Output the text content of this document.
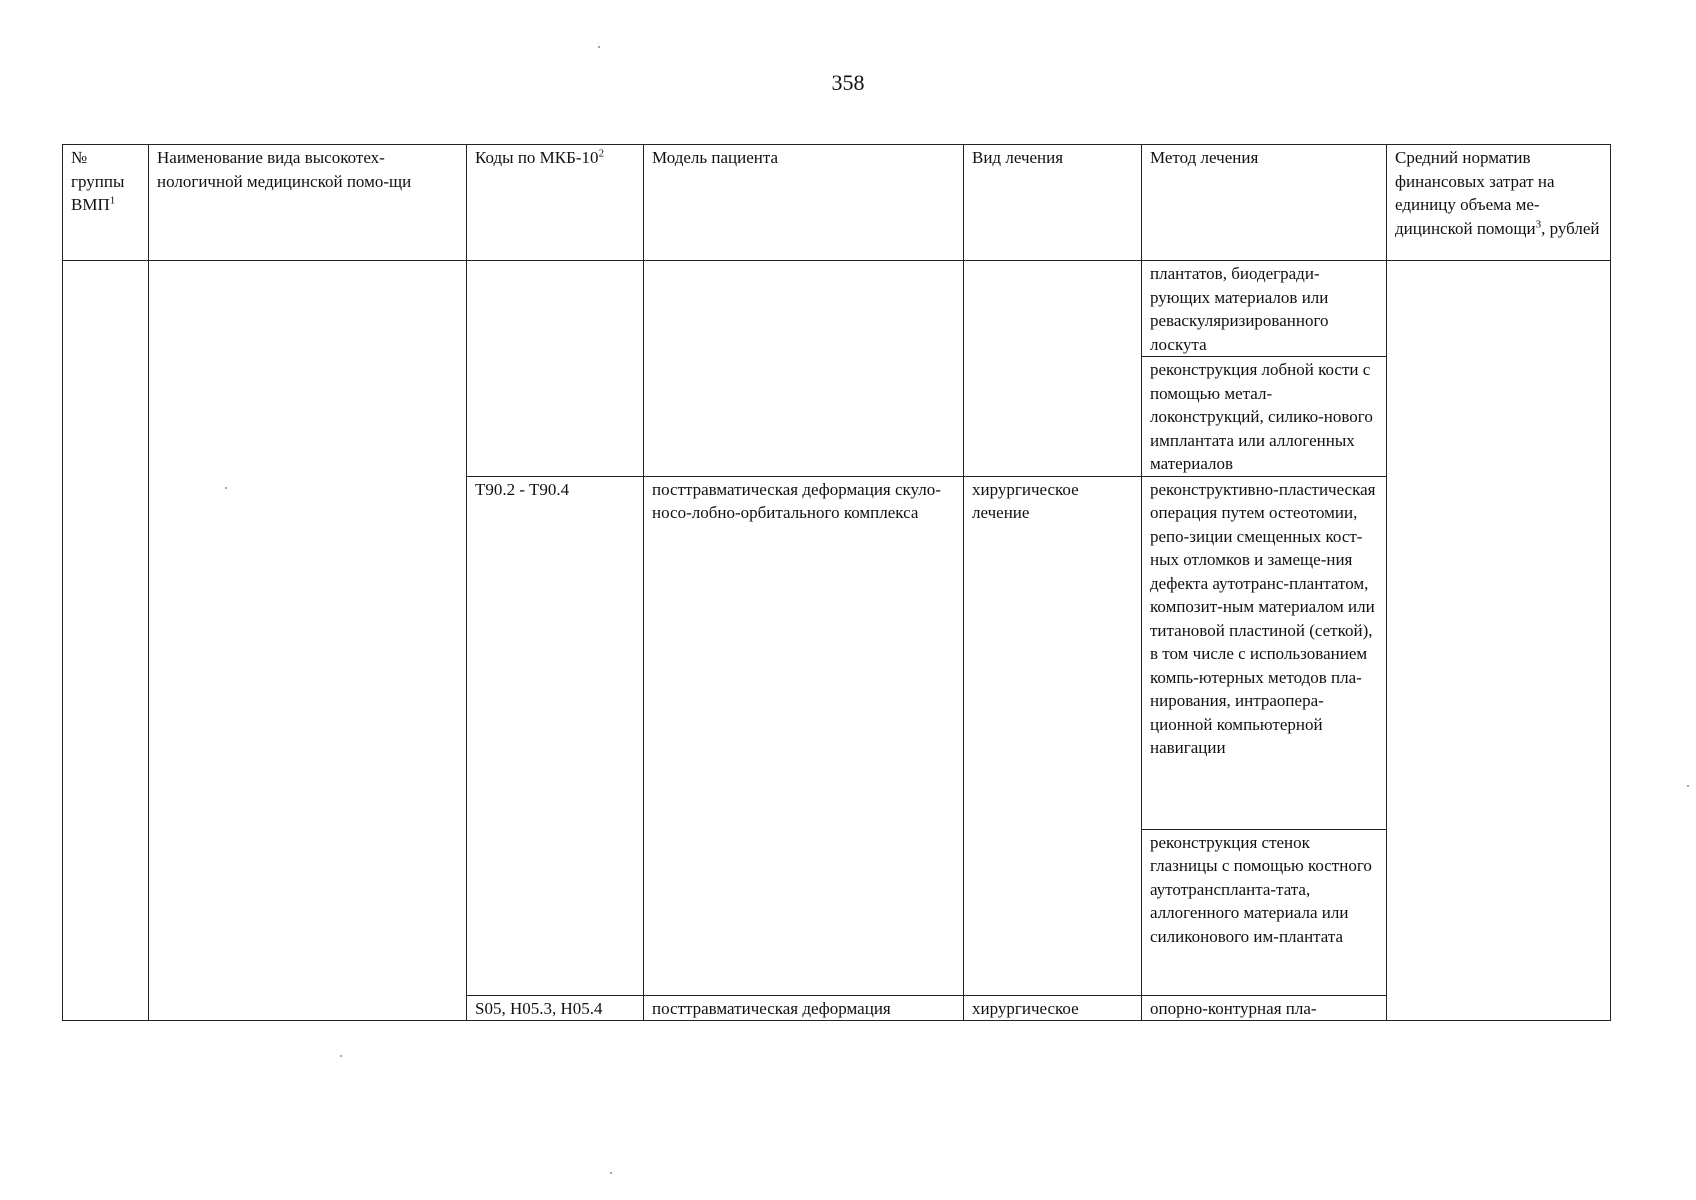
358
№ группы ВМП$^1$	Наименование вида высокотех-нологичной медицинской помо-щи	Коды по МКБ-$10^2$	Модель пациента	Вид лечения	Метод лечения	Средний норматив финансовых затрат на единицу объема ме-дицинской помощи$^3$, рублей
					плантатов, биодегради-рующих материалов или реваскуляризированного лоскута	
					реконструкция лобной кости с помощью метал-локонструкций, силико-нового имплантата или аллогенных материалов	
		T90.2 - T90.4	посттравматическая деформация скуло-носо-лобно-орбитального комплекса	хирургическое лечение	реконструктивно-пластическая операция путем остеотомии, репо-зиции смещенных кост-ных отломков и замеще-ния дефекта аутотранс-плантатом, композит-ным материалом или титановой пластиной (сеткой), в том числе с использованием компь-ютерных методов пла-нирования, интраопера-ционной компьютерной навигации	
					реконструкция стенок глазницы с помощью костного аутотранспланта-тата, аллогенного материала или силиконового им-плантата	
		S05, H05.3, H05.4	посттравматическая деформация	хирургическое	опорно-контурная пла-	
